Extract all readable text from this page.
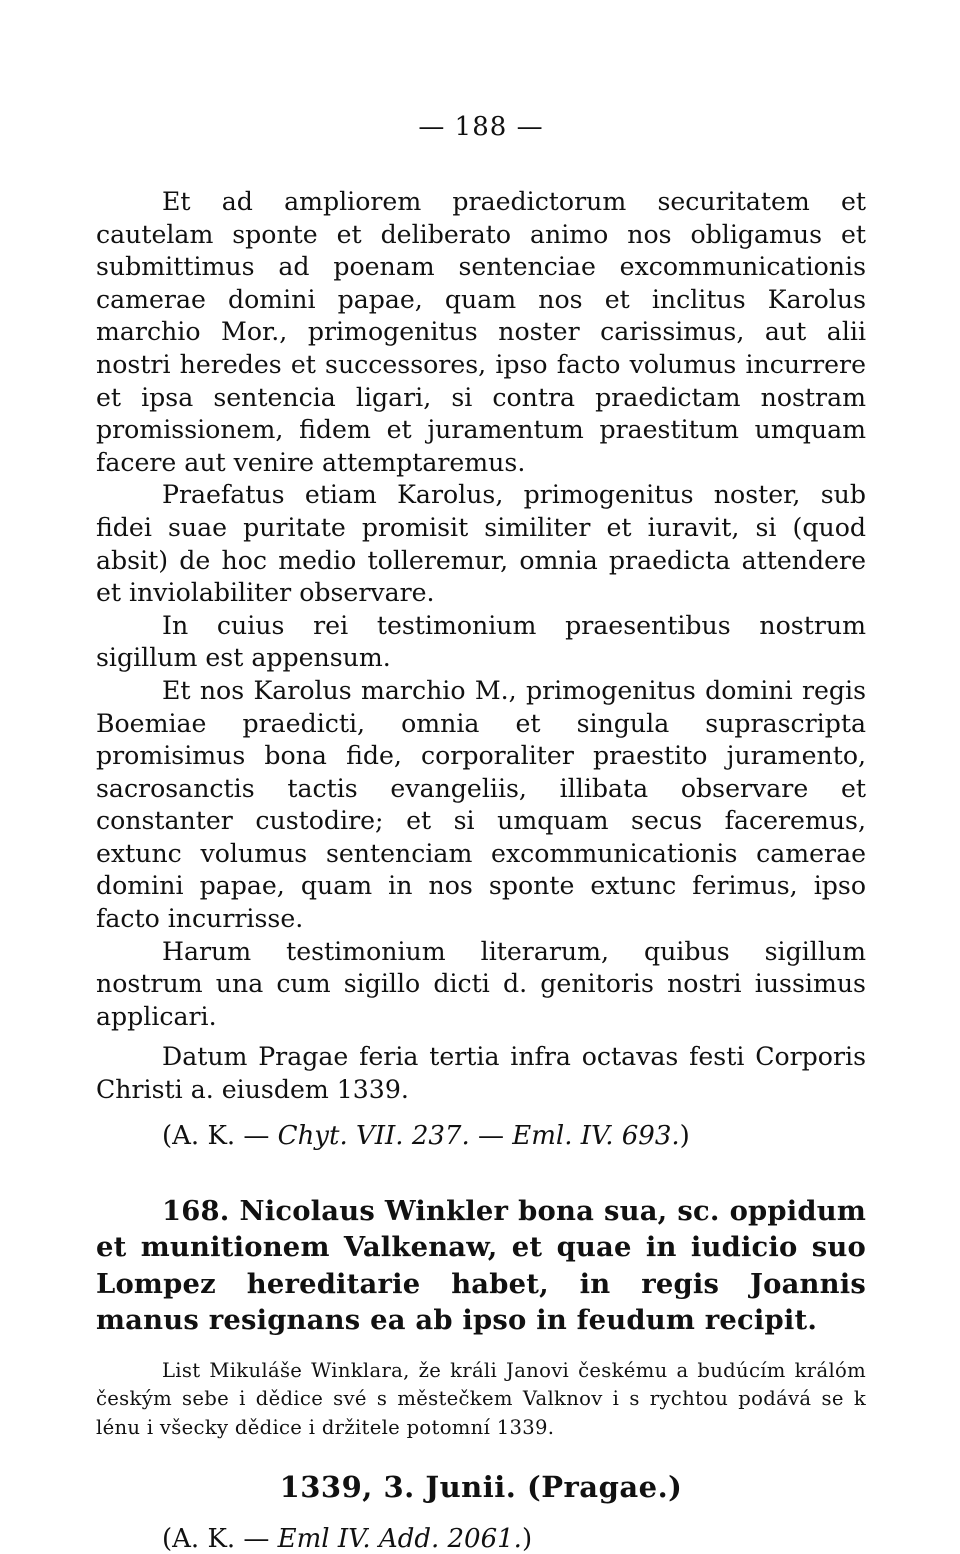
— 188 —

Et ad ampliorem praedictorum securitatem et cautelam sponte et deliberato animo nos obligamus et submittimus ad poenam sentenciae excommunicationis camerae domini papae, quam nos et inclitus Karolus marchio Mor., primogenitus noster carissimus, aut alii nostri heredes et successores, ipso facto volumus incurrere et ipsa sentencia ligari, si contra praedictam nostram promissionem, fidem et juramentum praestitum umquam facere aut venire attemptaremus.

Praefatus etiam Karolus, primogenitus noster, sub fidei suae puritate promisit similiter et iuravit, si (quod absit) de hoc medio tolleremur, omnia praedicta attendere et inviolabiliter observare.

In cuius rei testimonium praesentibus nostrum sigillum est appensum.

Et nos Karolus marchio M., primogenitus domini regis Boemiae praedicti, omnia et singula suprascripta promisimus bona fide, corporaliter praestito juramento, sacrosanctis tactis evangeliis, illibata observare et constanter custodire; et si umquam secus faceremus, extunc volumus sentenciam excommunicationis camerae domini papae, quam in nos sponte extunc ferimus, ipso facto incurrisse.

Harum testimonium literarum, quibus sigillum nostrum una cum sigillo dicti d. genitoris nostri iussimus applicari.

Datum Pragae feria tertia infra octavas festi Corporis Christi a. eiusdem 1339.

(A. K. — Chyt. VII. 237. — Eml. IV. 693.)
168. Nicolaus Winkler bona sua, sc. oppidum et munitionem Valkenaw, et quae in iudicio suo Lompez hereditarie habet, in regis Joannis manus resignans ea ab ipso in feudum recipit.
List Mikuláše Winklara, že králi Janovi českému a budúcím králóm českým sebe i dědice své s městečkem Valknov i s rychtou podává se k lénu i všecky dědice i držitele potomní 1339.
1339, 3. Junii. (Pragae.)
(A. K. — Eml IV. Add. 2061.)
